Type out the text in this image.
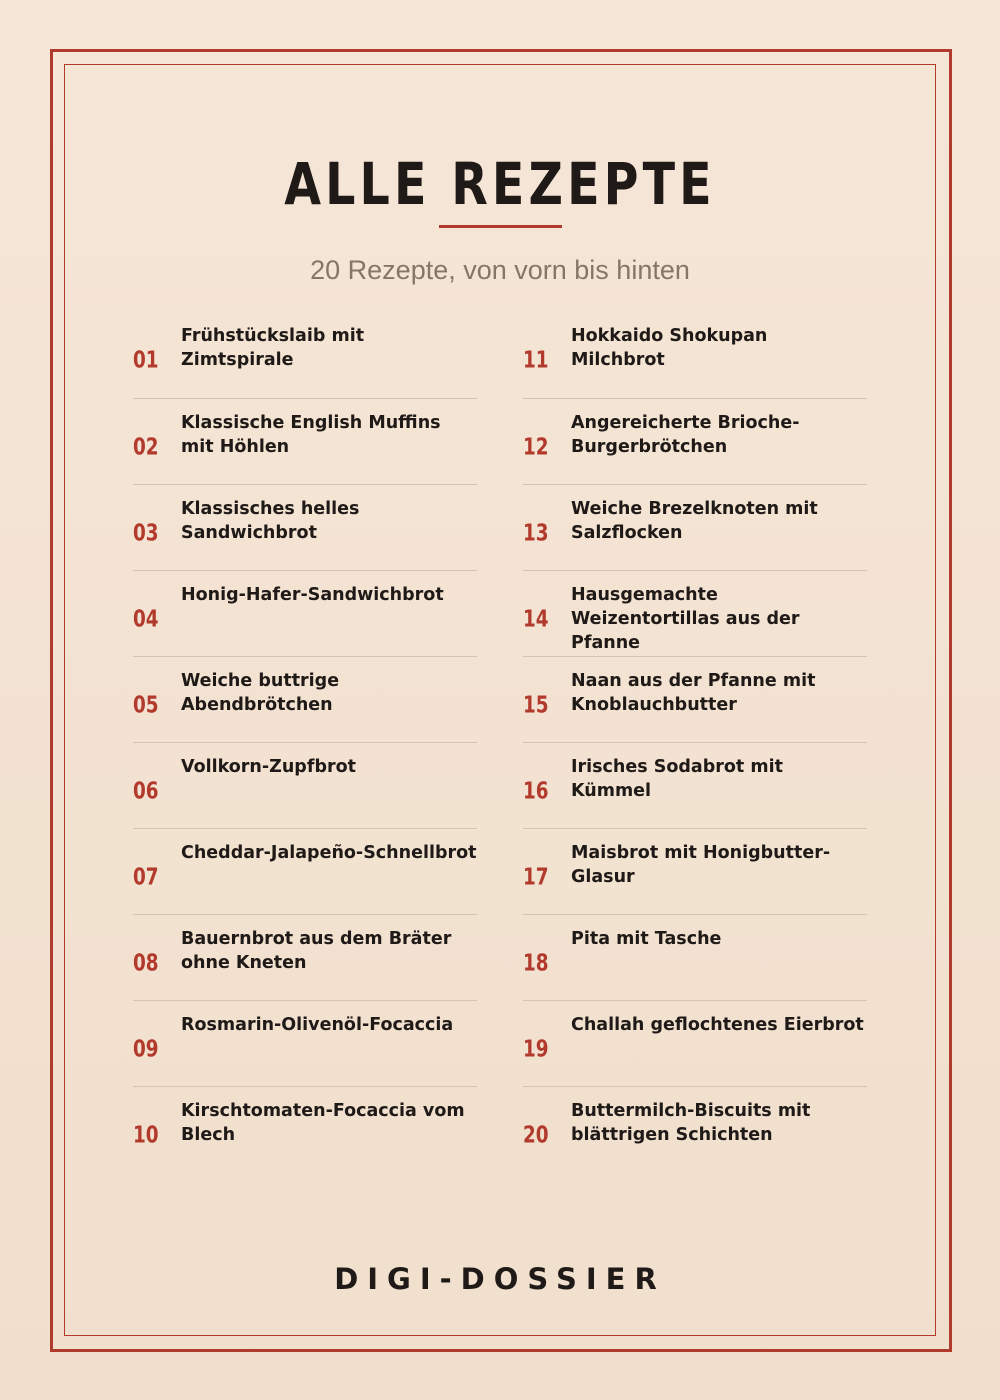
ALLE REZEPTE
20 Rezepte, von vorn bis hinten
01
Frühstückslaib mit Zimtspirale
02
Klassische English Muffins mit Höhlen
03
Klassisches helles Sandwichbrot
04
Honig-Hafer-Sandwichbrot
05
Weiche buttrige Abendbrötchen
06
Vollkorn-Zupfbrot
07
Cheddar-Jalapeño-Schnellbrot
08
Bauernbrot aus dem Bräter ohne Kneten
09
Rosmarin-Olivenöl-Focaccia
10
Kirschtomaten-Focaccia vom Blech
11
Hokkaido Shokupan Milchbrot
12
Angereicherte Brioche-Burgerbrötchen
13
Weiche Brezelknoten mit Salzflocken
14
Hausgemachte Weizentortillas aus der Pfanne
15
Naan aus der Pfanne mit Knoblauchbutter
16
Irisches Sodabrot mit Kümmel
17
Maisbrot mit Honigbutter-Glasur
18
Pita mit Tasche
19
Challah geflochtenes Eierbrot
20
Buttermilch-Biscuits mit blättrigen Schichten
DIGI-DOSSIER
